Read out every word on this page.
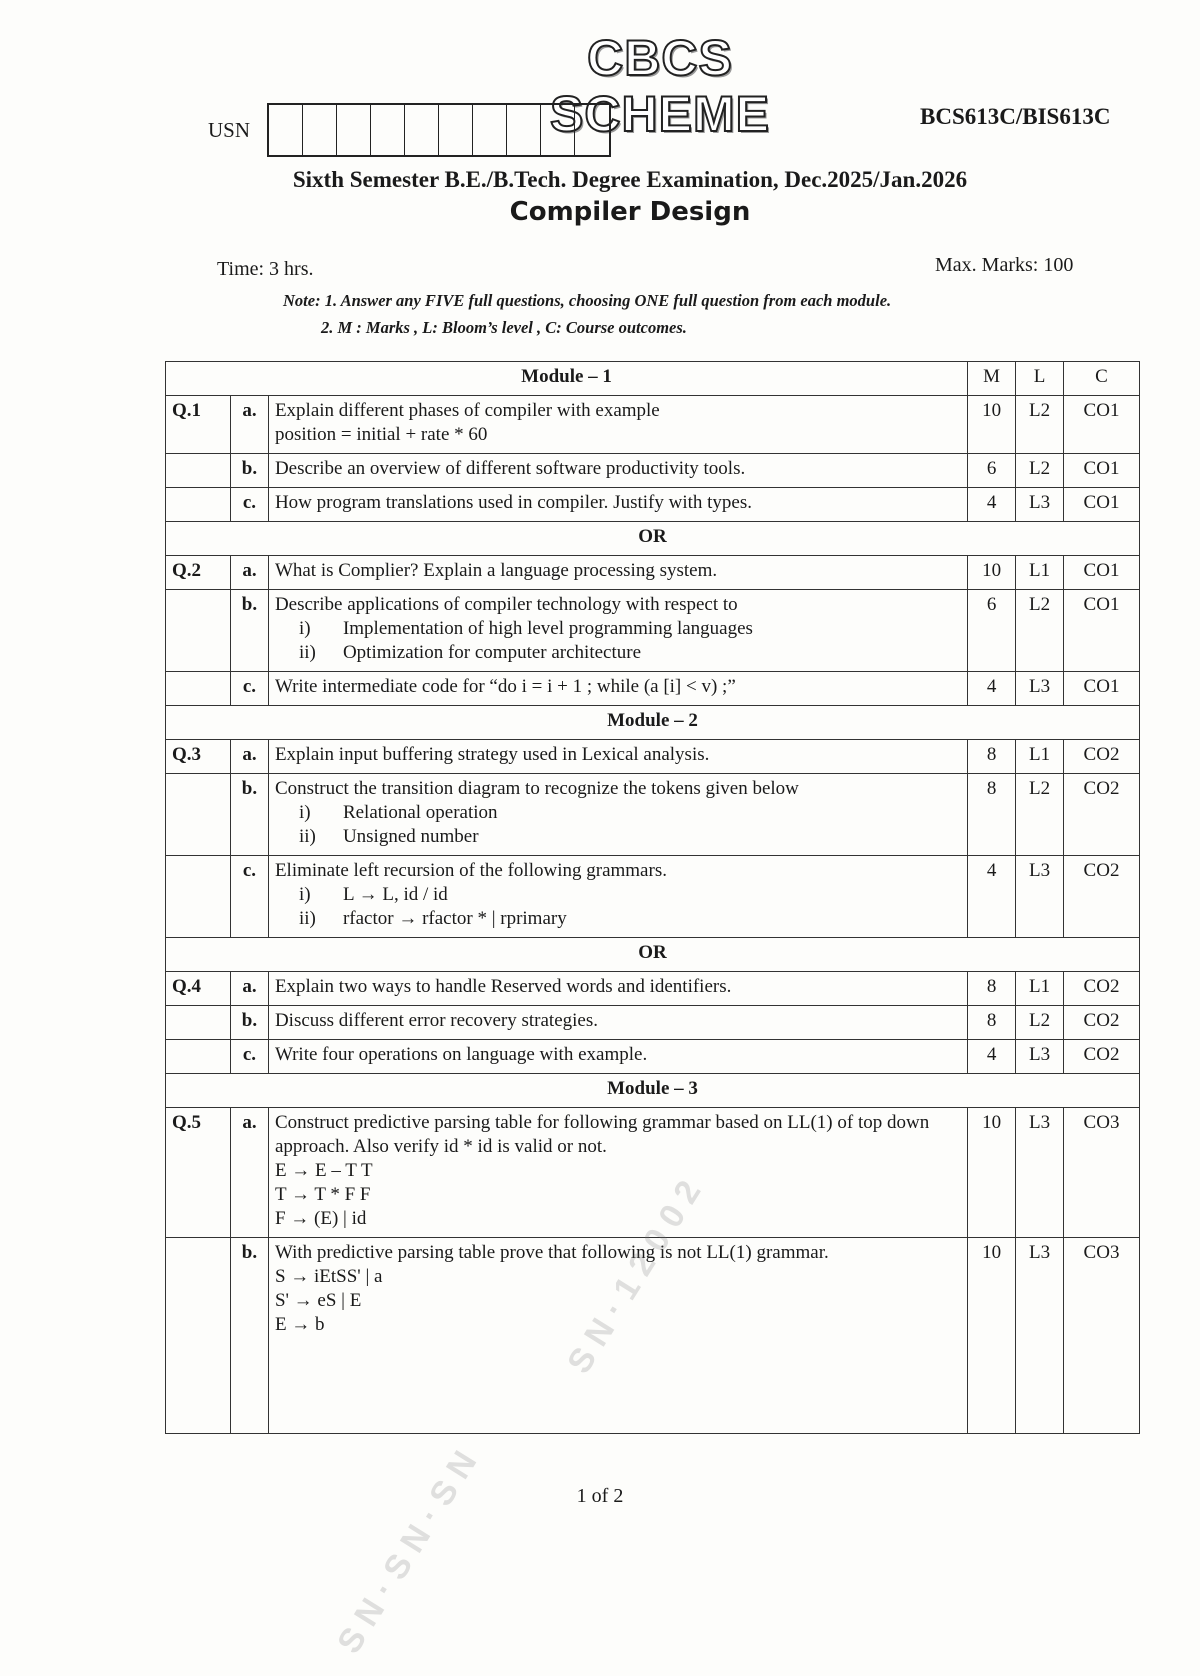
CBCS SCHEME
USN
BCS613C/BIS613C
Sixth Semester B.E./B.Tech. Degree Examination, Dec.2025/Jan.2026
Compiler Design
Time: 3 hrs.	Max. Marks: 100
Note: 1. Answer any FIVE full questions, choosing ONE full question from each module.
2. M : Marks , L: Bloom’s level , C: Course outcomes.
Module – 1			M	L	C
Q.1	a.	Explain different phases of compiler with example
position = initial + rate * 60	10	L2	CO1
	b.	Describe an overview of different software productivity tools.	6	L2	CO1
	c.	How program translations used in compiler. Justify with types.	4	L3	CO1
OR					
Q.2	a.	What is Complier? Explain a language processing system.	10	L1	CO1
	b.	Describe applications of compiler technology with respect to
i) Implementation of high level programming languages
ii) Optimization for computer architecture	6	L2	CO1
	c.	Write intermediate code for “do i = i + 1 ; while (a [i] < v) ;”	4	L3	CO1
Module – 2					
Q.3	a.	Explain input buffering strategy used in Lexical analysis.	8	L1	CO2
	b.	Construct the transition diagram to recognize the tokens given below
i) Relational operation
ii) Unsigned number	8	L2	CO2
	c.	Eliminate left recursion of the following grammars.
i) L → L, id / id
ii) rfactor → rfactor * | rprimary	4	L3	CO2
OR					
Q.4	a.	Explain two ways to handle Reserved words and identifiers.	8	L1	CO2
	b.	Discuss different error recovery strategies.	8	L2	CO2
	c.	Write four operations on language with example.	4	L3	CO2
Module – 3					
Q.5	a.	Construct predictive parsing table for following grammar based on LL(1) of top down approach. Also verify id * id is valid or not.
E → E – T T
T → T * F F
F → (E) | id	10	L3	CO3
	b.	With predictive parsing table prove that following is not LL(1) grammar.
S → iEtSS' | a
S' → eS | E
E → b	10	L3	CO3
1 of 2
S N · S N · S N
S N · 1 2 0 0 2
